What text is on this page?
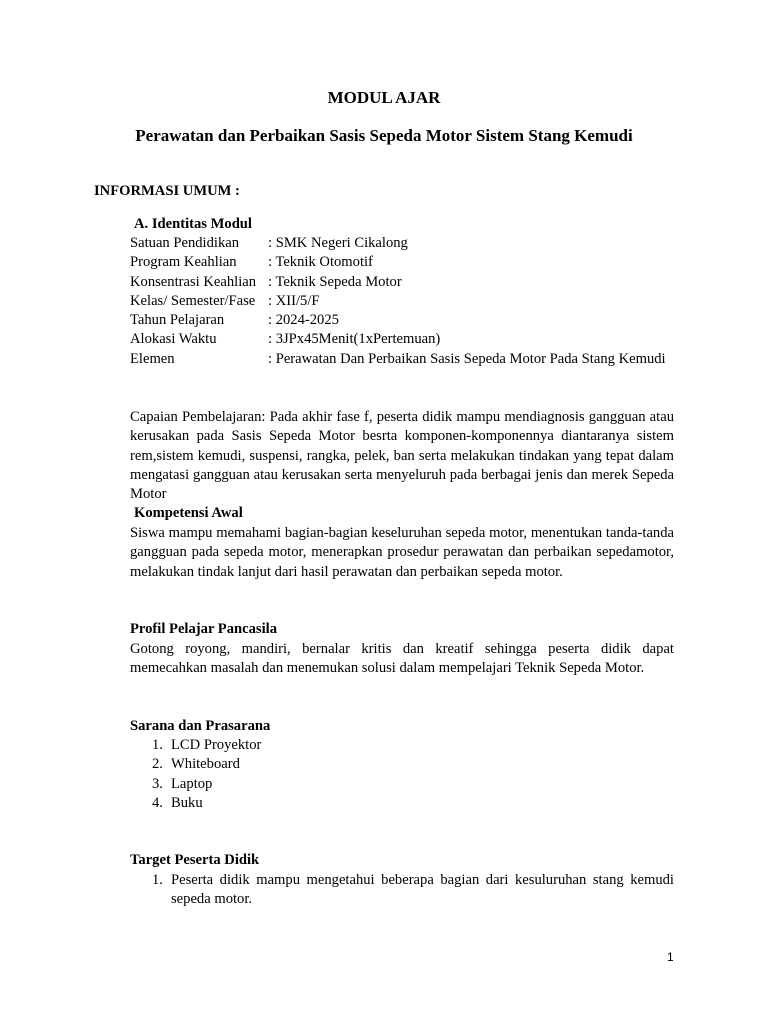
MODUL AJAR
Perawatan dan Perbaikan Sasis Sepeda Motor Sistem Stang Kemudi
INFORMASI UMUM :
A. Identitas Modul
Satuan Pendidikan	: SMK Negeri Cikalong
Program Keahlian	: Teknik Otomotif
Konsentrasi Keahlian : Teknik Sepeda Motor
Kelas/ Semester/Fase : XII/5/F
Tahun Pelajaran	: 2024-2025
Alokasi Waktu	: 3JPx45Menit(1xPertemuan)
Elemen	: Perawatan Dan Perbaikan Sasis Sepeda Motor Pada Stang Kemudi
Capaian Pembelajaran: Pada akhir fase f, peserta didik mampu mendiagnosis gangguan atau kerusakan pada Sasis Sepeda Motor besrta komponen-komponennya diantaranya sistem rem,sistem kemudi, suspensi, rangka, pelek, ban serta melakukan tindakan yang tepat dalam mengatasi gangguan atau kerusakan serta menyeluruh pada berbagai jenis dan merek Sepeda Motor
Kompetensi Awal
Siswa mampu memahami bagian-bagian keseluruhan sepeda motor, menentukan tanda-tanda gangguan pada sepeda motor, menerapkan prosedur perawatan dan perbaikan sepedamotor, melakukan tindak lanjut dari hasil perawatan dan perbaikan sepeda motor.
Profil Pelajar Pancasila
Gotong royong, mandiri, bernalar kritis dan kreatif sehingga peserta didik dapat memecahkan masalah dan menemukan solusi dalam mempelajari Teknik Sepeda Motor.
Sarana dan Prasarana
1. LCD Proyektor
2. Whiteboard
3. Laptop
4. Buku
Target Peserta Didik
1. Peserta didik mampu mengetahui beberapa bagian dari kesuluruhan stang kemudi sepeda motor.
1
